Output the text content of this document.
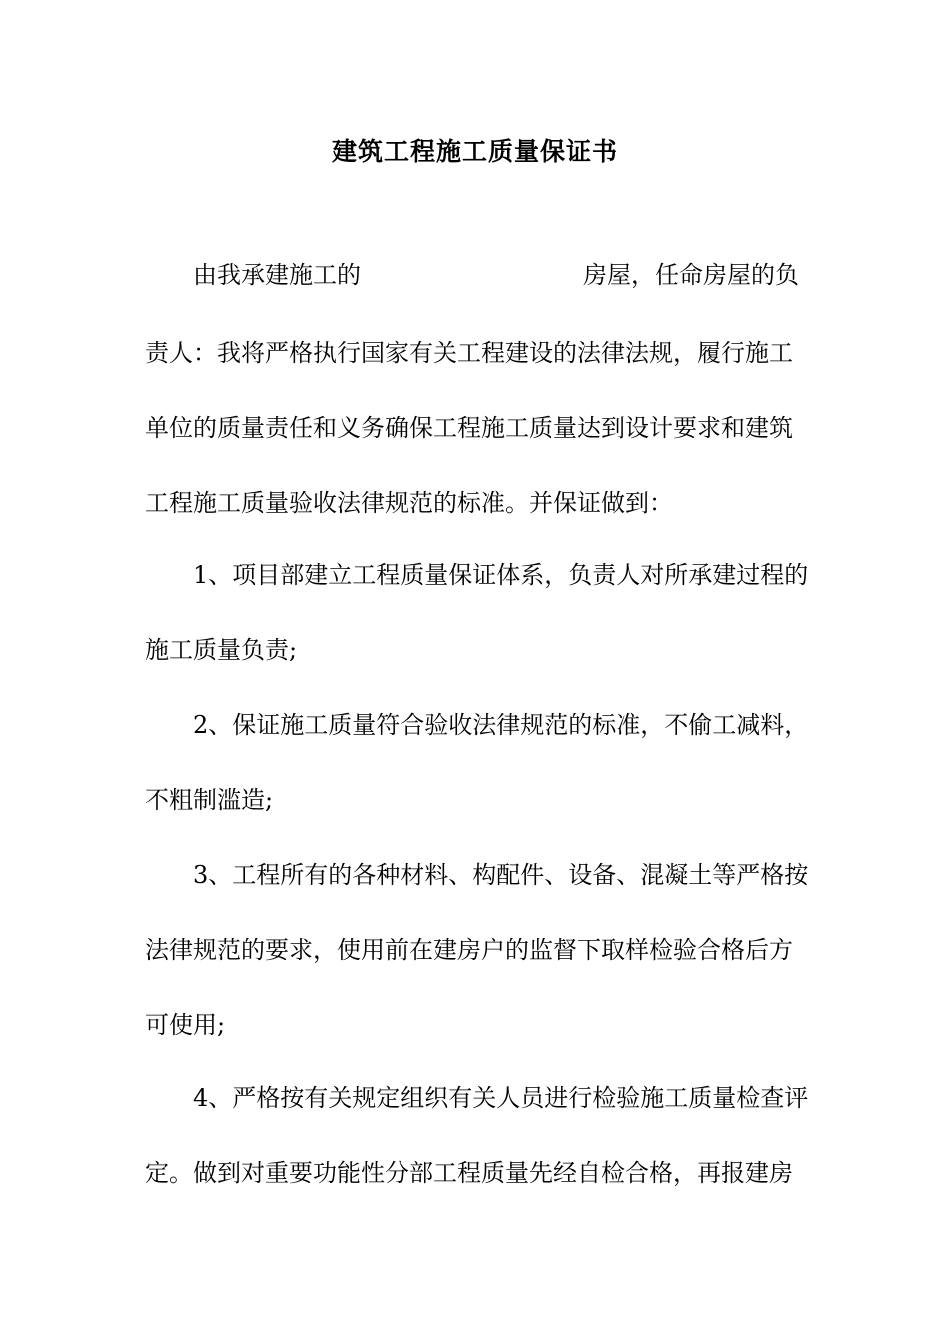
建筑工程施工质量保证书

由我承建施工的	房屋，任命房屋的负

责人：我将严格执行国家有关工程建设的法律法规，履行施工

单位的质量责任和义务确保工程施工质量达到设计要求和建筑

工程施工质量验收法律规范的标准。并保证做到：

1、项目部建立工程质量保证体系，负责人对所承建过程的

施工质量负责;

2、保证施工质量符合验收法律规范的标准，不偷工减料，

不粗制滥造;

3、工程所有的各种材料、构配件、设备、混凝土等严格按

法律规范的要求，使用前在建房户的监督下取样检验合格后方

可使用;

4、严格按有关规定组织有关人员进行检验施工质量检查评

定。做到对重要功能性分部工程质量先经自检合格，再报建房
